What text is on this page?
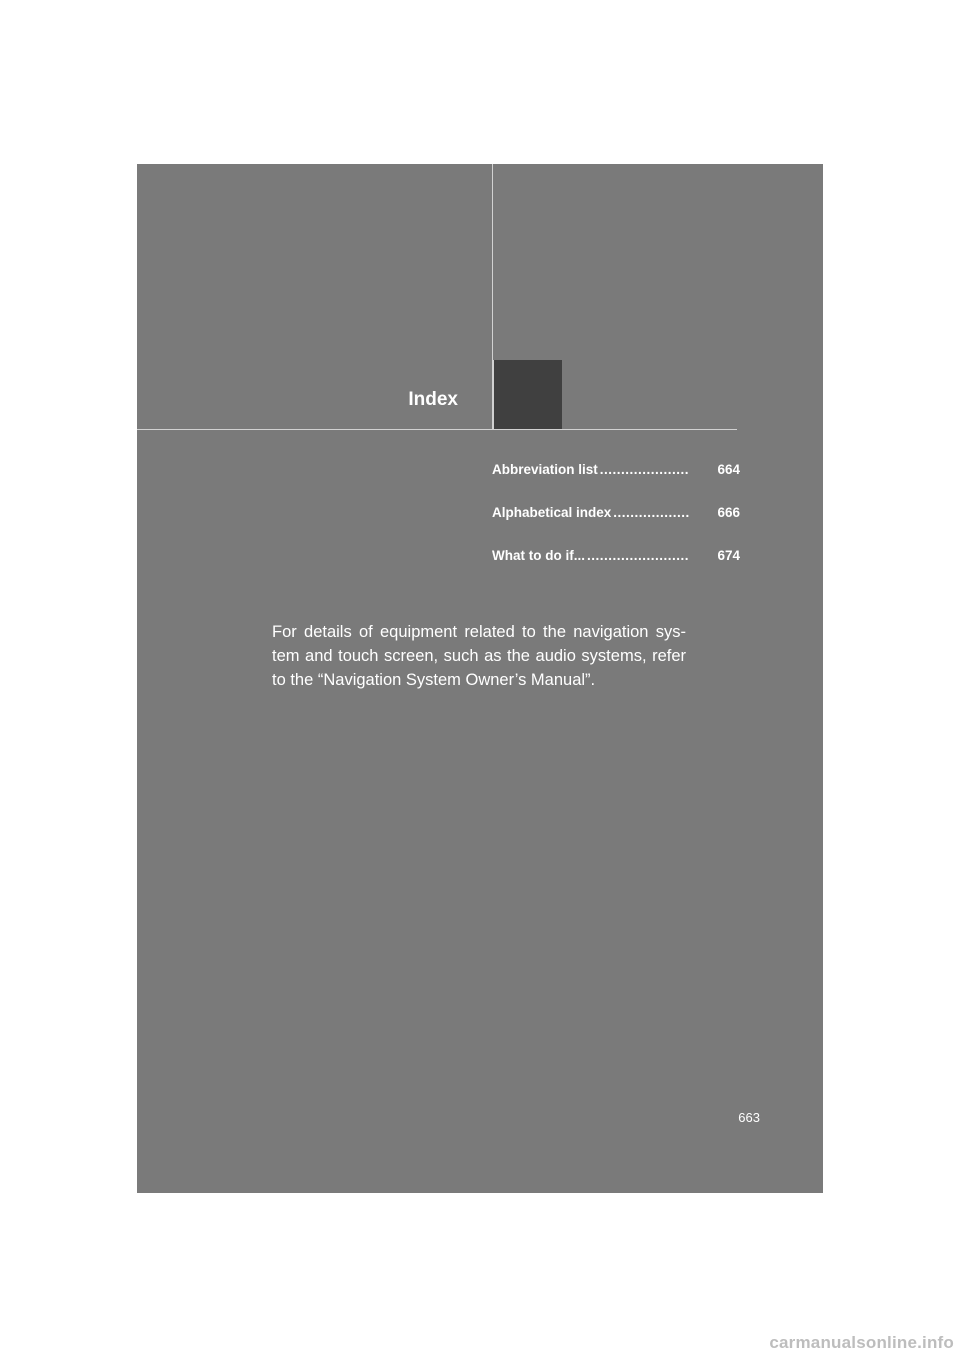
Index
Abbreviation list .....................	664
Alphabetical index ..................	666
What to do if... ........................	674
For details of equipment related to the navigation sys-tem and touch screen, such as the audio systems, refer to the “Navigation System Owner’s Manual”.
663
carmanualsonline.info
